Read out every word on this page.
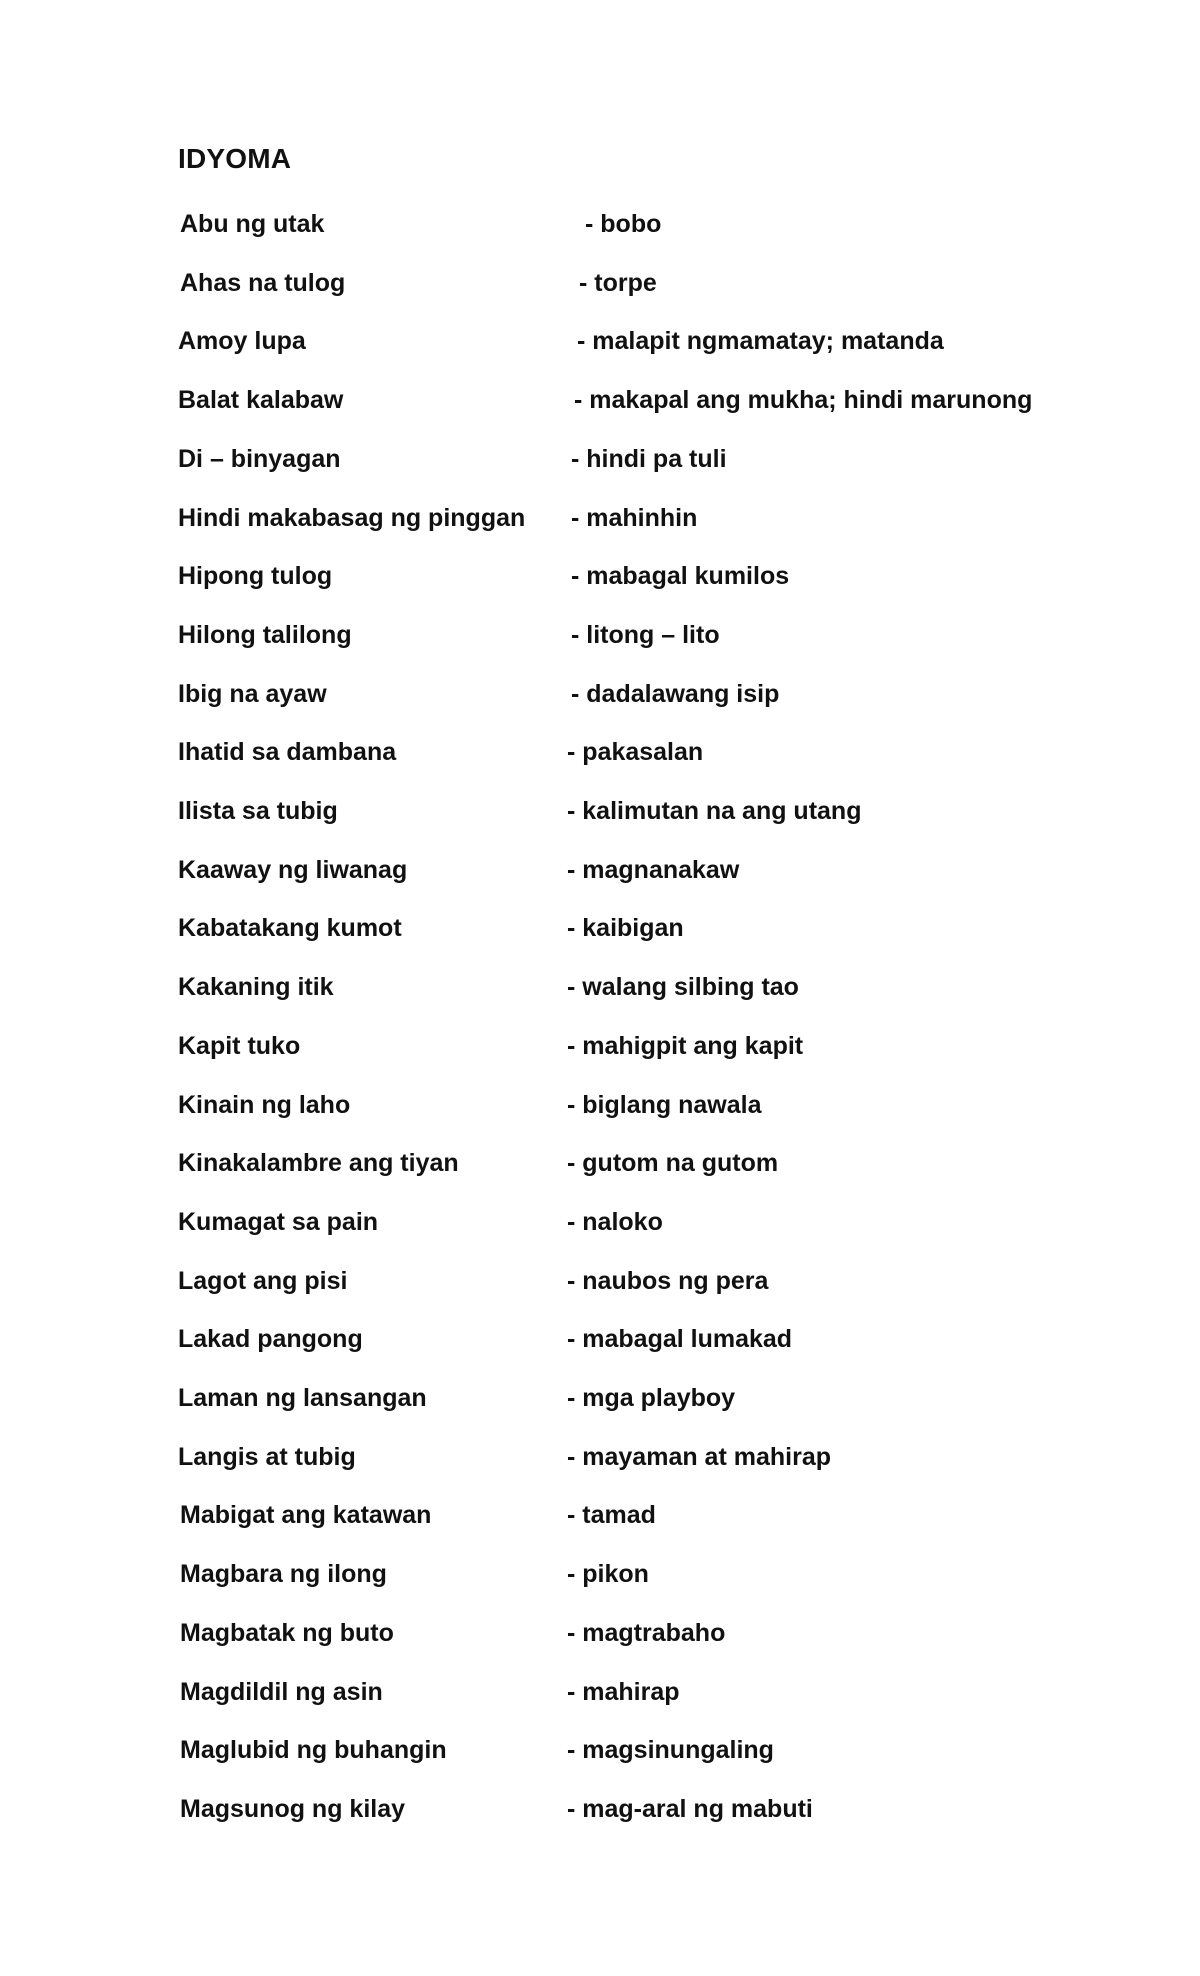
IDYOMA
Abu ng utak	- bobo
Ahas na tulog	- torpe
Amoy lupa	- malapit ngmamatay; matanda
Balat kalabaw	- makapal ang mukha; hindi marunong
Di – binyagan	- hindi pa tuli
Hindi makabasag ng pinggan - mahinhin
Hipong tulog	- mabagal kumilos
Hilong talilong	- litong – lito
Ibig na ayaw	- dadalawang isip
Ihatid sa dambana	- pakasalan
Ilista sa tubig	- kalimutan na ang utang
Kaaway ng liwanag	- magnanakaw
Kabatakang kumot	- kaibigan
Kakaning itik	- walang silbing tao
Kapit tuko	- mahigpit ang kapit
Kinain ng laho	- biglang nawala
Kinakalambre ang tiyan	- gutom na gutom
Kumagat sa pain	- naloko
Lagot ang pisi	- naubos ng pera
Lakad pangong	- mabagal lumakad
Laman ng lansangan	- mga playboy
Langis at tubig	- mayaman at mahirap
Mabigat ang katawan	- tamad
Magbara ng ilong	- pikon
Magbatak ng buto	- magtrabaho
Magdildil ng asin	- mahirap
Maglubid ng buhangin	- magsinungaling
Magsunog ng kilay	- mag-aral ng mabuti
